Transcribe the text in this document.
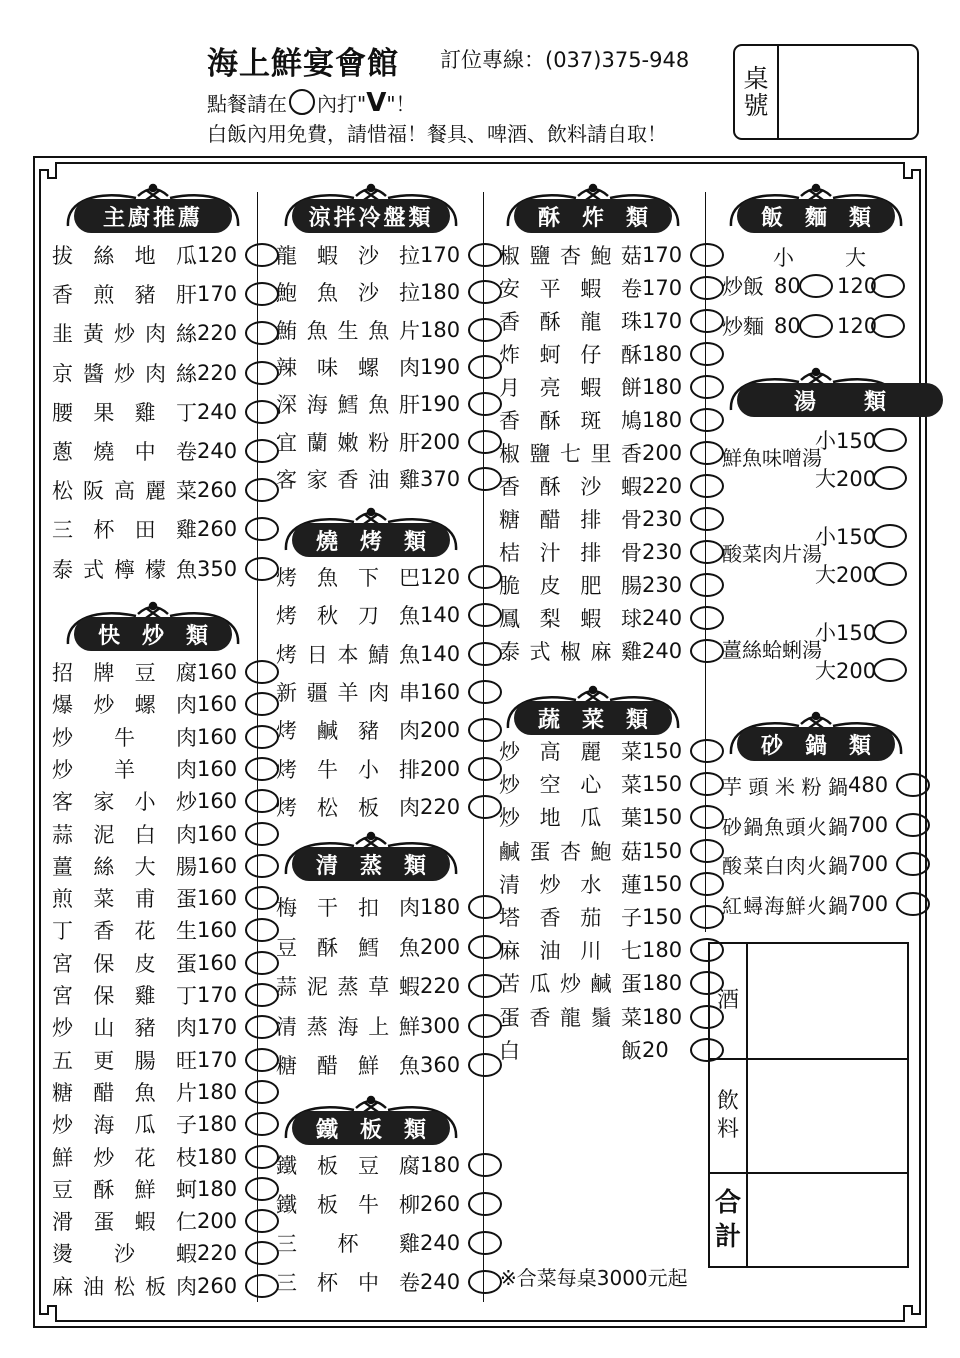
海上鮮宴會館 訂位專線：(037)375-948
點餐請在 內打"V"！
白飯內用免費，請惜福！餐具、啤酒、飲料請自取！
桌
號
主廚推薦
快炒類
涼拌冷盤類
燒烤類
清蒸類
鐵板類
酥炸類
蔬菜類
飯麵類
湯類
砂鍋類
拔絲地瓜 120
香煎豬肝 170
韭黃炒肉絲 220
京醬炒肉絲 220
腰果雞丁 240
蔥燒中卷 240
松阪高麗菜 260
三杯田雞 260
泰式檸檬魚 350
招牌豆腐 160
爆炒螺肉 160
炒　牛　肉 160
炒　羊　肉 160
客家小炒 160
蒜泥白肉 160
薑絲大腸 160
煎菜甫蛋 160
丁香花生 160
宮保皮蛋 160
宮保雞丁 170
炒山豬肉 170
五更腸旺 170
糖醋魚片 180
炒海瓜子 180
鮮炒花枝 180
豆酥鮮蚵 180
滑蛋蝦仁 200
燙　沙　蝦 220
麻油松板肉 260
龍蝦沙拉 170
鮑魚沙拉 180
鮪魚生魚片 180
辣味螺肉 190
深海鱈魚肝 190
宜蘭嫩粉肝 200
客家香油雞 370
烤魚下巴 120
烤秋刀魚 140
烤日本鯖魚 140
新疆羊肉串 160
烤鹹豬肉 200
烤牛小排 200
烤松板肉 220
梅干扣肉 180
豆酥鱈魚 200
蒜泥蒸草蝦 220
清蒸海上鮮 300
糖醋鮮魚 360
鐵板豆腐 180
鐵板牛柳 260
三　杯　雞 240
三杯中卷 240
椒鹽杏鮑菇 170
安平蝦卷 170
香酥龍珠 170
炸蚵仔酥 180
月亮蝦餅 180
香酥斑鳩 180
椒鹽七里香 200
香酥沙蝦 220
糖醋排骨 230
桔汁排骨 230
脆皮肥腸 230
鳳梨蝦球 240
泰式椒麻雞 240
炒高麗菜 150
炒空心菜 150
炒地瓜葉 150
鹹蛋杏鮑菇 150
清炒水蓮 150
塔香茄子 150
麻油川七 180
苦瓜炒鹹蛋 180
蛋香龍鬚菜 180
白　　　飯 20
芋頭米粉鍋 480
砂鍋魚頭火鍋 700
酸菜白肉火鍋 700
紅蟳海鮮火鍋 700
小 大
炒飯 80 120
炒麵 80 120
鮮魚味噌湯
小150
大200
酸菜肉片湯
小150
大200
薑絲蛤蜊湯
小150
大200
酒
飲
料
合
計
※合菜每桌3000元起
